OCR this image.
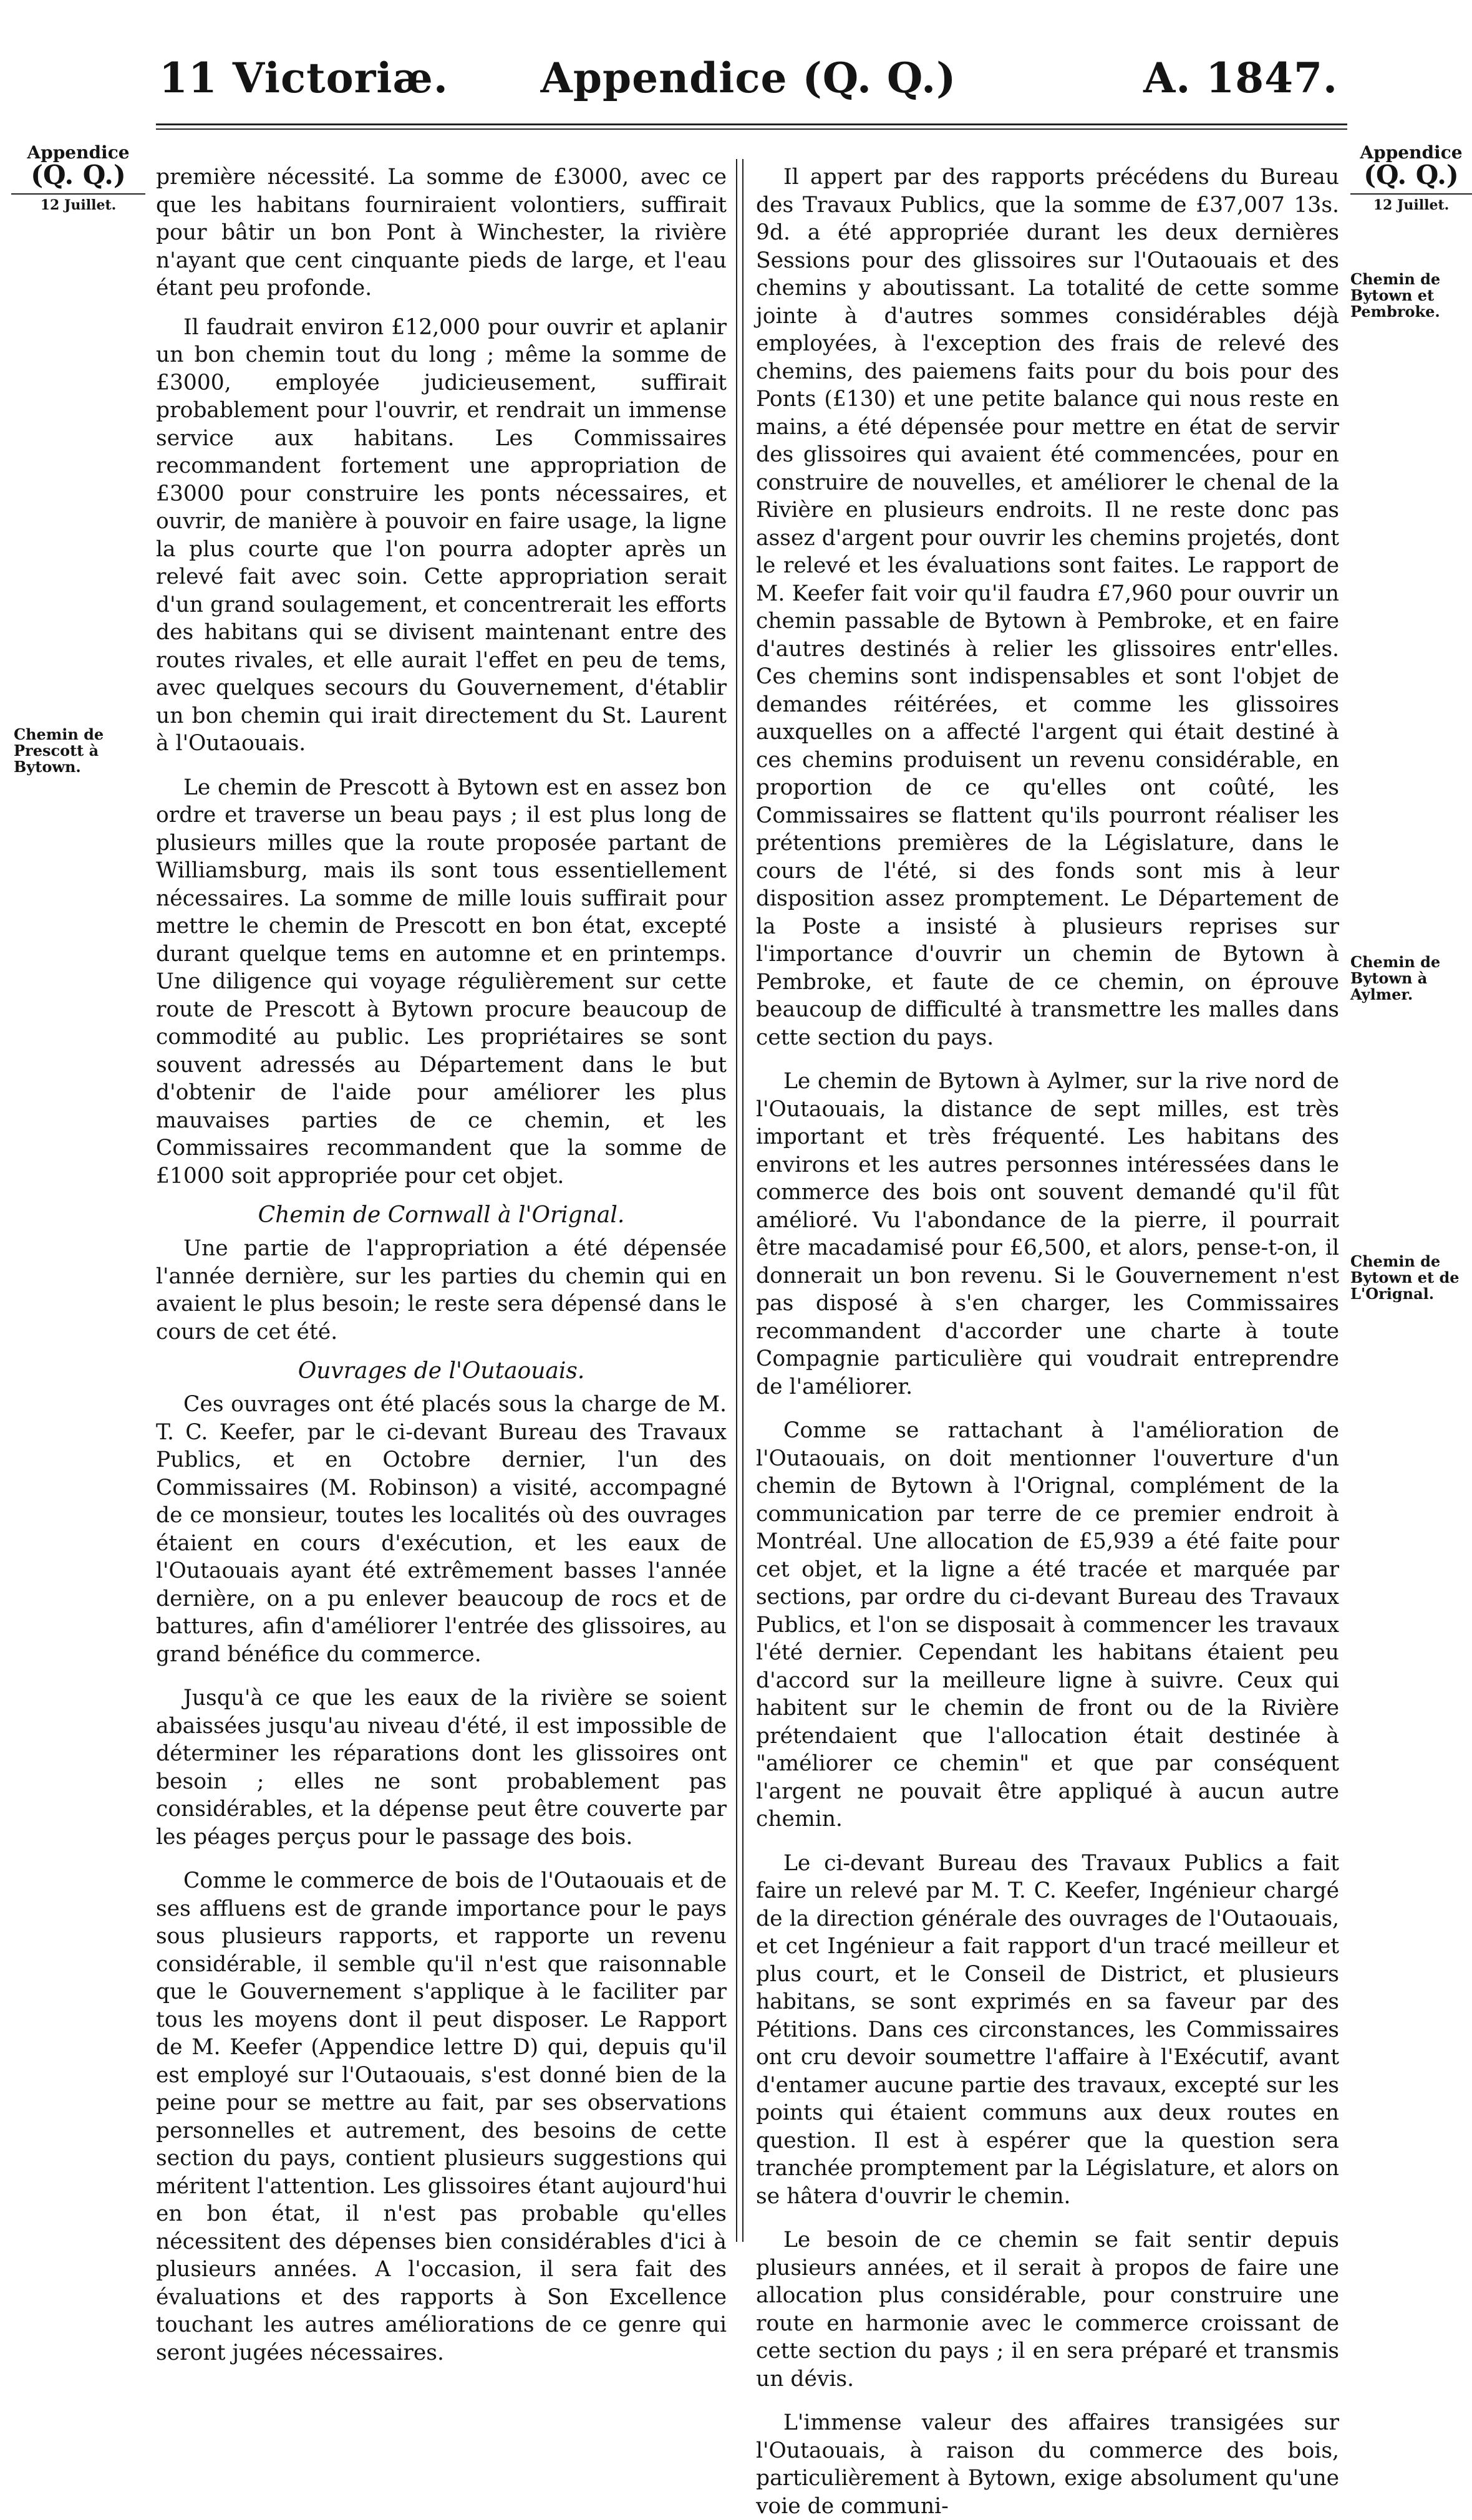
11 Victoriæ.	Appendice (Q. Q.)	A. 1847.
Appendice
(Q. Q.)
12 Juillet.
Appendice
(Q. Q.)
12 Juillet.
Chemin de Prescott à Bytown.
Chemin de Bytown et Pembroke.
Chemin de Bytown à Aylmer.
Chemin de Bytown et de L'Orignal.

première nécessité. La somme de £3000, avec ce que les habitans fourniraient volontiers, suffirait pour bâtir un bon Pont à Winchester, la rivière n'ayant que cent cinquante pieds de large, et l'eau étant peu profonde.

Il faudrait environ £12,000 pour ouvrir et aplanir un bon chemin tout du long ; même la somme de £3000, employée judicieusement, suffirait probablement pour l'ouvrir, et rendrait un immense service aux habitans. Les Commissaires recommandent fortement une appropriation de £3000 pour construire les ponts nécessaires, et ouvrir, de manière à pouvoir en faire usage, la ligne la plus courte que l'on pourra adopter après un relevé fait avec soin. Cette appropriation serait d'un grand soulagement, et concentrerait les efforts des habitans qui se divisent maintenant entre des routes rivales, et elle aurait l'effet en peu de tems, avec quelques secours du Gouvernement, d'établir un bon chemin qui irait directement du St. Laurent à l'Outaouais.

Le chemin de Prescott à Bytown est en assez bon ordre et traverse un beau pays ; il est plus long de plusieurs milles que la route proposée partant de Williamsburg, mais ils sont tous essentiellement nécessaires. La somme de mille louis suffirait pour mettre le chemin de Prescott en bon état, excepté durant quelque tems en automne et en printemps. Une diligence qui voyage régulièrement sur cette route de Prescott à Bytown procure beaucoup de commodité au public. Les propriétaires se sont souvent adressés au Département dans le but d'obtenir de l'aide pour améliorer les plus mauvaises parties de ce chemin, et les Commissaires recommandent que la somme de £1000 soit appropriée pour cet objet.

Chemin de Cornwall à l'Orignal.

Une partie de l'appropriation a été dépensée l'année dernière, sur les parties du chemin qui en avaient le plus besoin; le reste sera dépensé dans le cours de cet été.

Ouvrages de l'Outaouais.

Ces ouvrages ont été placés sous la charge de M. T. C. Keefer, par le ci-devant Bureau des Travaux Publics, et en Octobre dernier, l'un des Commissaires (M. Robinson) a visité, accompagné de ce monsieur, toutes les localités où des ouvrages étaient en cours d'exécution, et les eaux de l'Outaouais ayant été extrêmement basses l'année dernière, on a pu enlever beaucoup de rocs et de battures, afin d'améliorer l'entrée des glissoires, au grand bénéfice du commerce.

Jusqu'à ce que les eaux de la rivière se soient abaissées jusqu'au niveau d'été, il est impossible de déterminer les réparations dont les glissoires ont besoin ; elles ne sont probablement pas considérables, et la dépense peut être couverte par les péages perçus pour le passage des bois.

Comme le commerce de bois de l'Outaouais et de ses affluens est de grande importance pour le pays sous plusieurs rapports, et rapporte un revenu considérable, il semble qu'il n'est que raisonnable que le Gouvernement s'applique à le faciliter par tous les moyens dont il peut disposer. Le Rapport de M. Keefer (Appendice lettre D) qui, depuis qu'il est employé sur l'Outaouais, s'est donné bien de la peine pour se mettre au fait, par ses observations personnelles et autrement, des besoins de cette section du pays, contient plusieurs suggestions qui méritent l'attention. Les glissoires étant aujourd'hui en bon état, il n'est pas probable qu'elles nécessitent des dépenses bien considérables d'ici à plusieurs années. A l'occasion, il sera fait des évaluations et des rapports à Son Excellence touchant les autres améliorations de ce genre qui seront jugées nécessaires.

Il appert par des rapports précédens du Bureau des Travaux Publics, que la somme de £37,007 13s. 9d. a été appropriée durant les deux dernières Sessions pour des glissoires sur l'Outaouais et des chemins y aboutissant. La totalité de cette somme jointe à d'autres sommes considérables déjà employées, à l'exception des frais de relevé des chemins, des paiemens faits pour du bois pour des Ponts (£130) et une petite balance qui nous reste en mains, a été dépensée pour mettre en état de servir des glissoires qui avaient été commencées, pour en construire de nouvelles, et améliorer le chenal de la Rivière en plusieurs endroits. Il ne reste donc pas assez d'argent pour ouvrir les chemins projetés, dont le relevé et les évaluations sont faites. Le rapport de M. Keefer fait voir qu'il faudra £7,960 pour ouvrir un chemin passable de Bytown à Pembroke, et en faire d'autres destinés à relier les glissoires entr'elles. Ces chemins sont indispensables et sont l'objet de demandes réitérées, et comme les glissoires auxquelles on a affecté l'argent qui était destiné à ces chemins produisent un revenu considérable, en proportion de ce qu'elles ont coûté, les Commissaires se flattent qu'ils pourront réaliser les prétentions premières de la Législature, dans le cours de l'été, si des fonds sont mis à leur disposition assez promptement. Le Département de la Poste a insisté à plusieurs reprises sur l'importance d'ouvrir un chemin de Bytown à Pembroke, et faute de ce chemin, on éprouve beaucoup de difficulté à transmettre les malles dans cette section du pays.

Le chemin de Bytown à Aylmer, sur la rive nord de l'Outaouais, la distance de sept milles, est très important et très fréquenté. Les habitans des environs et les autres personnes intéressées dans le commerce des bois ont souvent demandé qu'il fût amélioré. Vu l'abondance de la pierre, il pourrait être macadamisé pour £6,500, et alors, pense-t-on, il donnerait un bon revenu. Si le Gouvernement n'est pas disposé à s'en charger, les Commissaires recommandent d'accorder une charte à toute Compagnie particulière qui voudrait entreprendre de l'améliorer.

Comme se rattachant à l'amélioration de l'Outaouais, on doit mentionner l'ouverture d'un chemin de Bytown à l'Orignal, complément de la communication par terre de ce premier endroit à Montréal. Une allocation de £5,939 a été faite pour cet objet, et la ligne a été tracée et marquée par sections, par ordre du ci-devant Bureau des Travaux Publics, et l'on se disposait à commencer les travaux l'été dernier. Cependant les habitans étaient peu d'accord sur la meilleure ligne à suivre. Ceux qui habitent sur le chemin de front ou de la Rivière prétendaient que l'allocation était destinée à "améliorer ce chemin" et que par conséquent l'argent ne pouvait être appliqué à aucun autre chemin.

Le ci-devant Bureau des Travaux Publics a fait faire un relevé par M. T. C. Keefer, Ingénieur chargé de la direction générale des ouvrages de l'Outaouais, et cet Ingénieur a fait rapport d'un tracé meilleur et plus court, et le Conseil de District, et plusieurs habitans, se sont exprimés en sa faveur par des Pétitions. Dans ces circonstances, les Commissaires ont cru devoir soumettre l'affaire à l'Exécutif, avant d'entamer aucune partie des travaux, excepté sur les points qui étaient communs aux deux routes en question. Il est à espérer que la question sera tranchée promptement par la Législature, et alors on se hâtera d'ouvrir le chemin.

Le besoin de ce chemin se fait sentir depuis plusieurs années, et il serait à propos de faire une allocation plus considérable, pour construire une route en harmonie avec le commerce croissant de cette section du pays ; il en sera préparé et transmis un dévis.

L'immense valeur des affaires transigées sur l'Outaouais, à raison du commerce des bois, particulièrement à Bytown, exige absolument qu'une voie de communi-
